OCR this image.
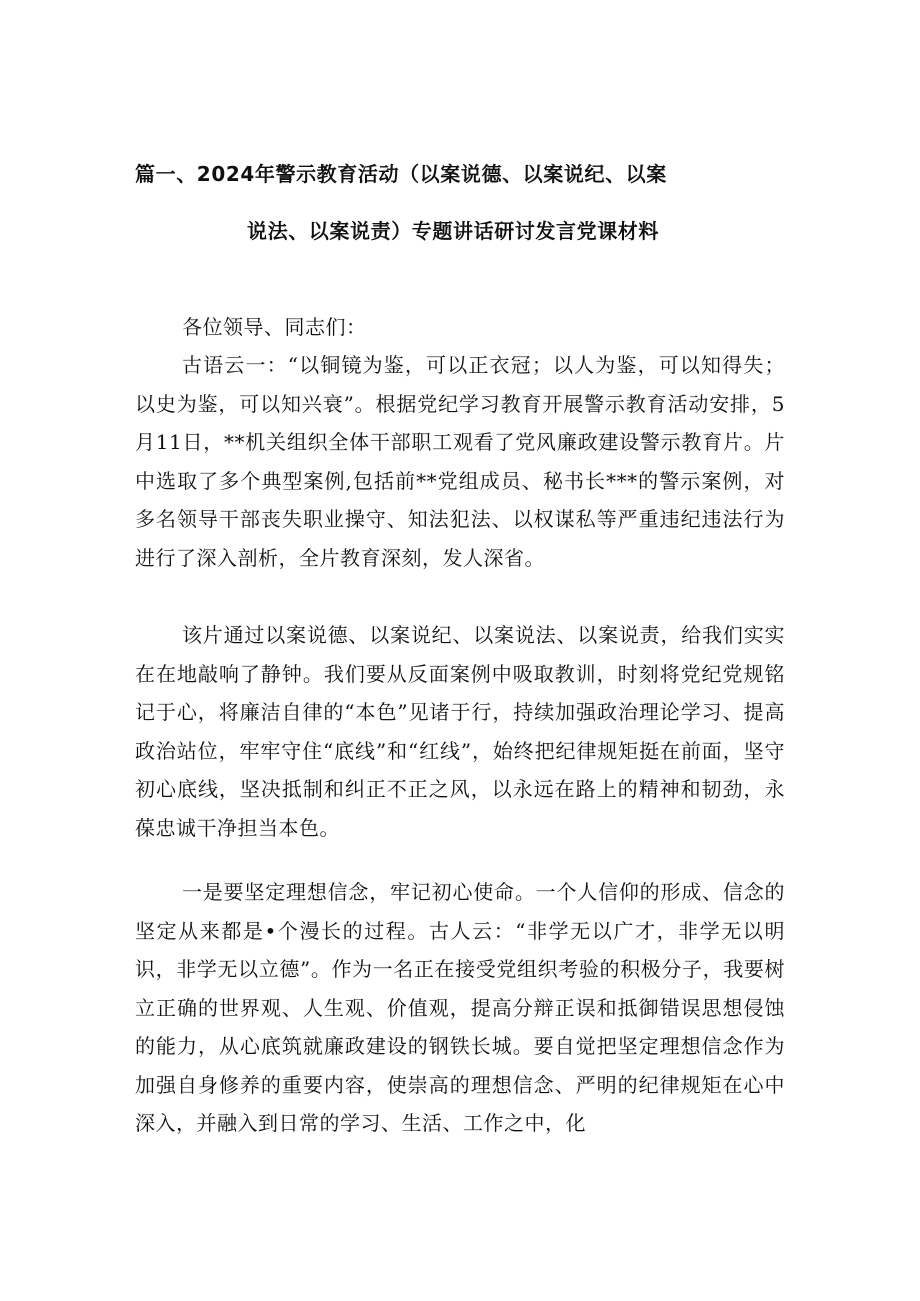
篇一、2024年警示教育活动（以案说德、以案说纪、以案
说法、以案说责）专题讲话研讨发言党课材料

各位领导、同志们：

古语云一：“以铜镜为鉴，可以正衣冠；以人为鉴，可以知得失；以史为鉴，可以知兴衰”。根据党纪学习教育开展警示教育活动安排，5月11日，**机关组织全体干部职工观看了党风廉政建设警示教育片。片中选取了多个典型案例,包括前**党组成员、秘书长***的警示案例，对多名领导干部丧失职业操守、知法犯法、以权谋私等严重违纪违法行为进行了深入剖析，全片教育深刻，发人深省。

该片通过以案说德、以案说纪、以案说法、以案说责，给我们实实在在地敲响了静钟。我们要从反面案例中吸取教训，时刻将党纪党规铭记于心，将廉洁自律的“本色”见诸于行，持续加强政治理论学习、提高政治站位，牢牢守住“底线”和“红线”，始终把纪律规矩挺在前面，坚守初心底线，坚决抵制和纠正不正之风，以永远在路上的精神和韧劲，永葆忠诚干净担当本色。

一是要坚定理想信念，牢记初心使命。一个人信仰的形成、信念的坚定从来都是•个漫长的过程。古人云：“非学无以广才，非学无以明识，非学无以立德”。作为一名正在接受党组织考验的积极分子，我要树立正确的世界观、人生观、价值观，提高分辩正误和抵御错误思想侵蚀的能力，从心底筑就廉政建设的钢铁长城。要自觉把坚定理想信念作为加强自身修养的重要内容，使崇高的理想信念、严明的纪律规矩在心中深入，并融入到日常的学习、生活、工作之中，化
